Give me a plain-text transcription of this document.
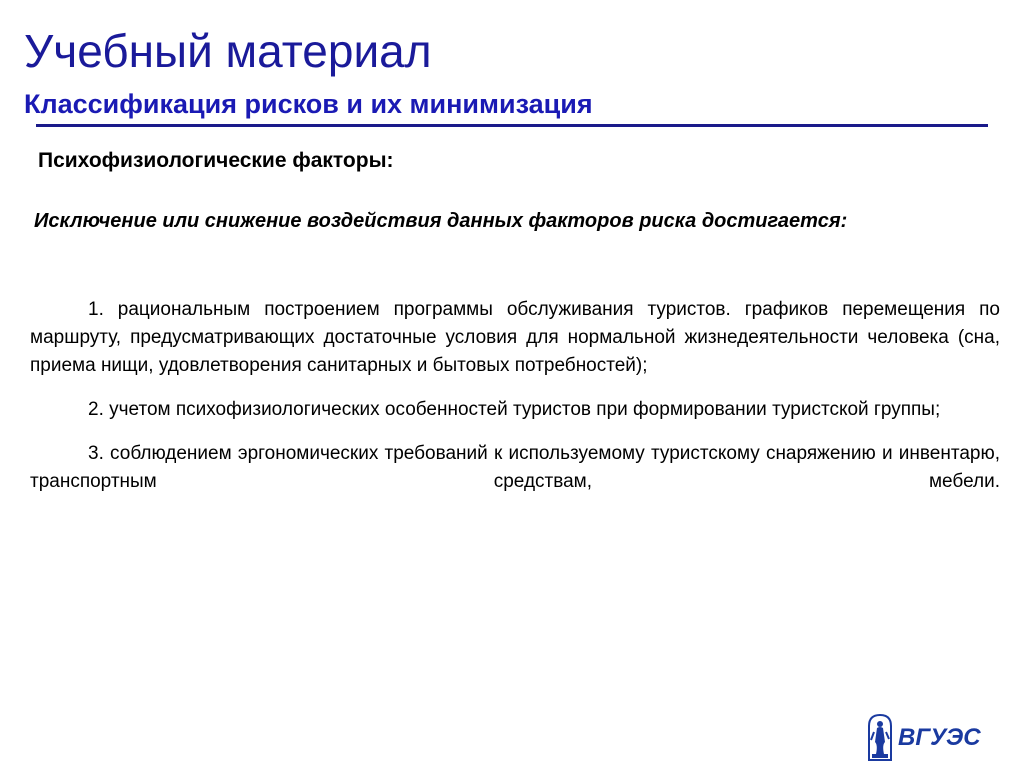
Учебный материал
Классификация рисков и их минимизация
Психофизиологические факторы:
Исключение или снижение воздействия данных факторов риска достигается:

1. рациональным построением программы обслуживания туристов. графиков перемещения по маршруту, предусматривающих достаточные условия для нормальной жизнедеятельности человека (сна, приема нищи, удовлетворения санитарных и бытовых потребностей);

2. учетом психофизиологических особенностей туристов при формировании туристской группы;

3. соблюдением эргономических требований к используемому туристскому снаряжению и инвентарю, транспортным средствам, мебели.

ВГУЭС
